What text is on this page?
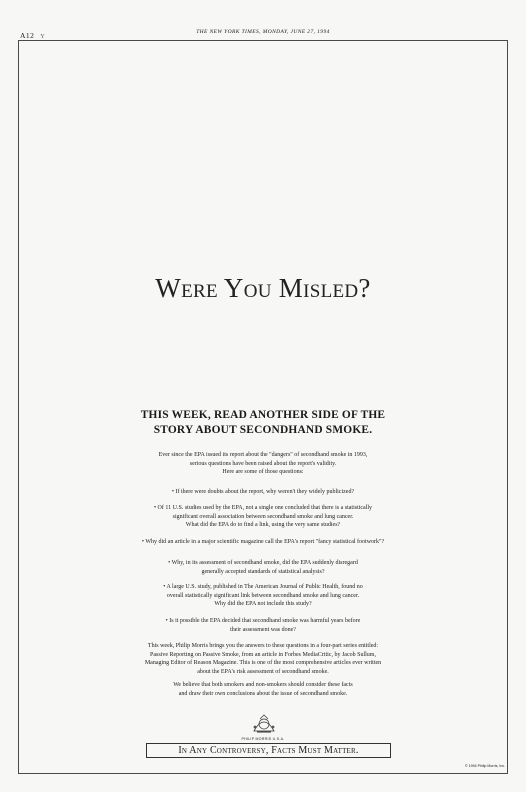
A12 Y
THE NEW YORK TIMES, MONDAY, JUNE 27, 1994
Were You Misled?
THIS WEEK, READ ANOTHER SIDE OF THE
STORY ABOUT SECONDHAND SMOKE.
Ever since the EPA issued its report about the "dangers" of secondhand smoke in 1993,
serious questions have been raised about the report's validity.
Here are some of those questions:
• If there were doubts about the report, why weren't they widely publicized?
• Of 11 U.S. studies used by the EPA, not a single one concluded that there is a statistically
significant overall association between secondhand smoke and lung cancer.
What did the EPA do to find a link, using the very same studies?
• Why did an article in a major scientific magazine call the EPA's report "fancy statistical footwork"?
• Why, in its assessment of secondhand smoke, did the EPA suddenly disregard
generally accepted standards of statistical analysis?
• A large U.S. study, published in The American Journal of Public Health, found no
overall statistically significant link between secondhand smoke and lung cancer.
Why did the EPA not include this study?
• Is it possible the EPA decided that secondhand smoke was harmful years before
their assessment was done?
This week, Philip Morris brings you the answers to these questions in a four-part series entitled:
Passive Reporting on Passive Smoke, from an article in Forbes MediaCritic, by Jacob Sullum,
Managing Editor of Reason Magazine. This is one of the most comprehensive articles ever written
about the EPA's risk assessment of secondhand smoke.
We believe that both smokers and non-smokers should consider these facts
and draw their own conclusions about the issue of secondhand smoke.
PHILIP MORRIS U.S.A.
In Any Controversy, Facts Must Matter.
© 1994 Philip Morris, Inc.
